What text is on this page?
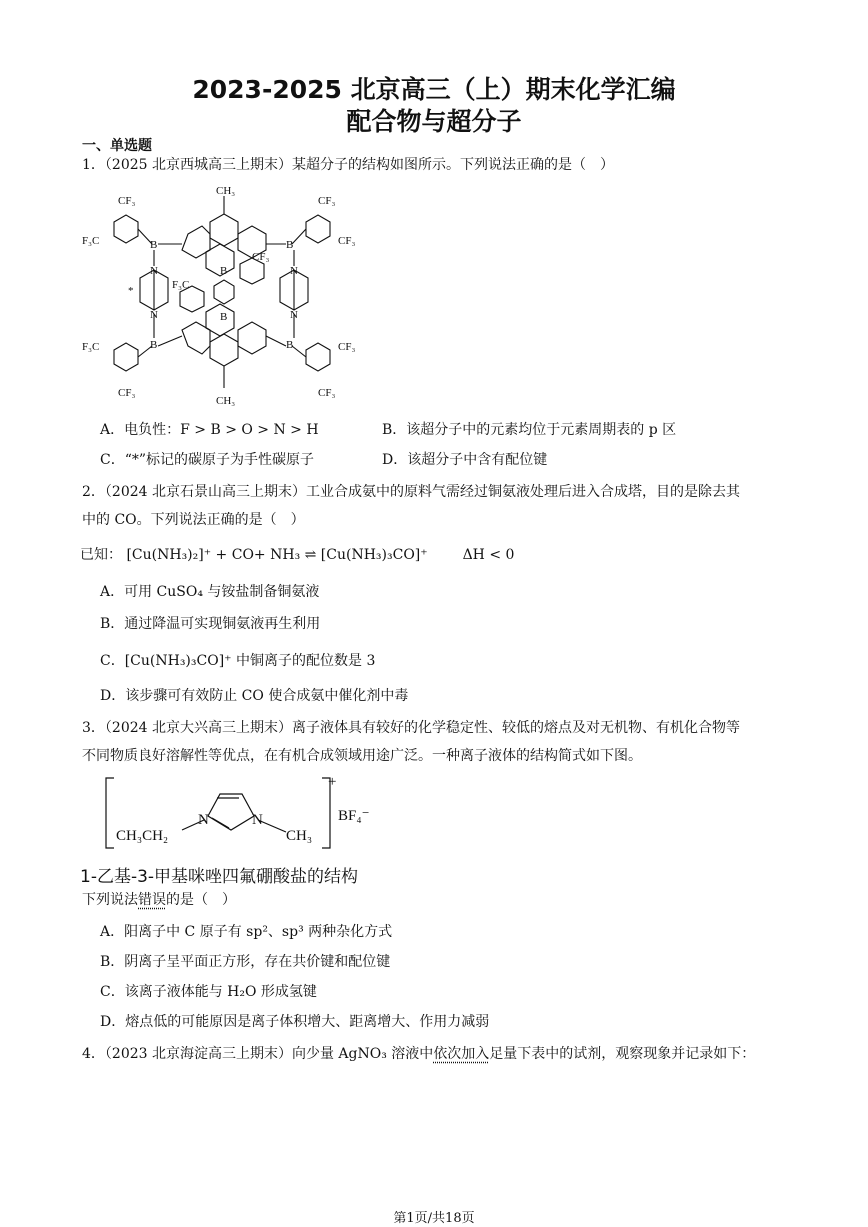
2023-2025 北京高三（上）期末化学汇编
配合物与超分子
一、单选题
1．（2025 北京西城高三上期末）某超分子的结构如图所示。下列说法正确的是（　）
CH₃
CH₃
CF₃	CF₃
F₃C	CF₃
F₃C	CF₃
CF₃	CF₃
B	B
B	B
B
B
N
N
N
N
*
CF₃
F₃C
A．电负性：F > B > O > N > H	B．该超分子中的元素均位于元素周期表的 p 区
C．“*”标记的碳原子为手性碳原子	D．该超分子中含有配位键
2．（2024 北京石景山高三上期末）工业合成氨中的原料气需经过铜氨液处理后进入合成塔，目的是除去其
中的 CO。下列说法正确的是（　）
已知： [Cu(NH₃)₂]⁺ + CO+ NH₃ ⇌ [Cu(NH₃)₃CO]⁺ ΔH < 0
A．可用 CuSO₄ 与铵盐制备铜氨液
B．通过降温可实现铜氨液再生利用
C．[Cu(NH₃)₃CO]⁺ 中铜离子的配位数是 3
D．该步骤可有效防止 CO 使合成氨中催化剂中毒
3．（2024 北京大兴高三上期末）离子液体具有较好的化学稳定性、较低的熔点及对无机物、有机化合物等
不同物质良好溶解性等优点，在有机合成领域用途广泛。一种离子液体的结构简式如下图。
CH₃CH₂
N	N
CH₃
+
BF₄⁻
1-乙基-3-甲基咪唑四氟硼酸盐的结构
下列说法错误的是（　）
A．阳离子中 C 原子有 sp²、sp³ 两种杂化方式
B．阴离子呈平面正方形，存在共价键和配位键
C．该离子液体能与 H₂O 形成氢键
D．熔点低的可能原因是离子体积增大、距离增大、作用力减弱
4．（2023 北京海淀高三上期末）向少量 AgNO₃ 溶液中依次加入足量下表中的试剂，观察现象并记录如下：
第1页/共18页
